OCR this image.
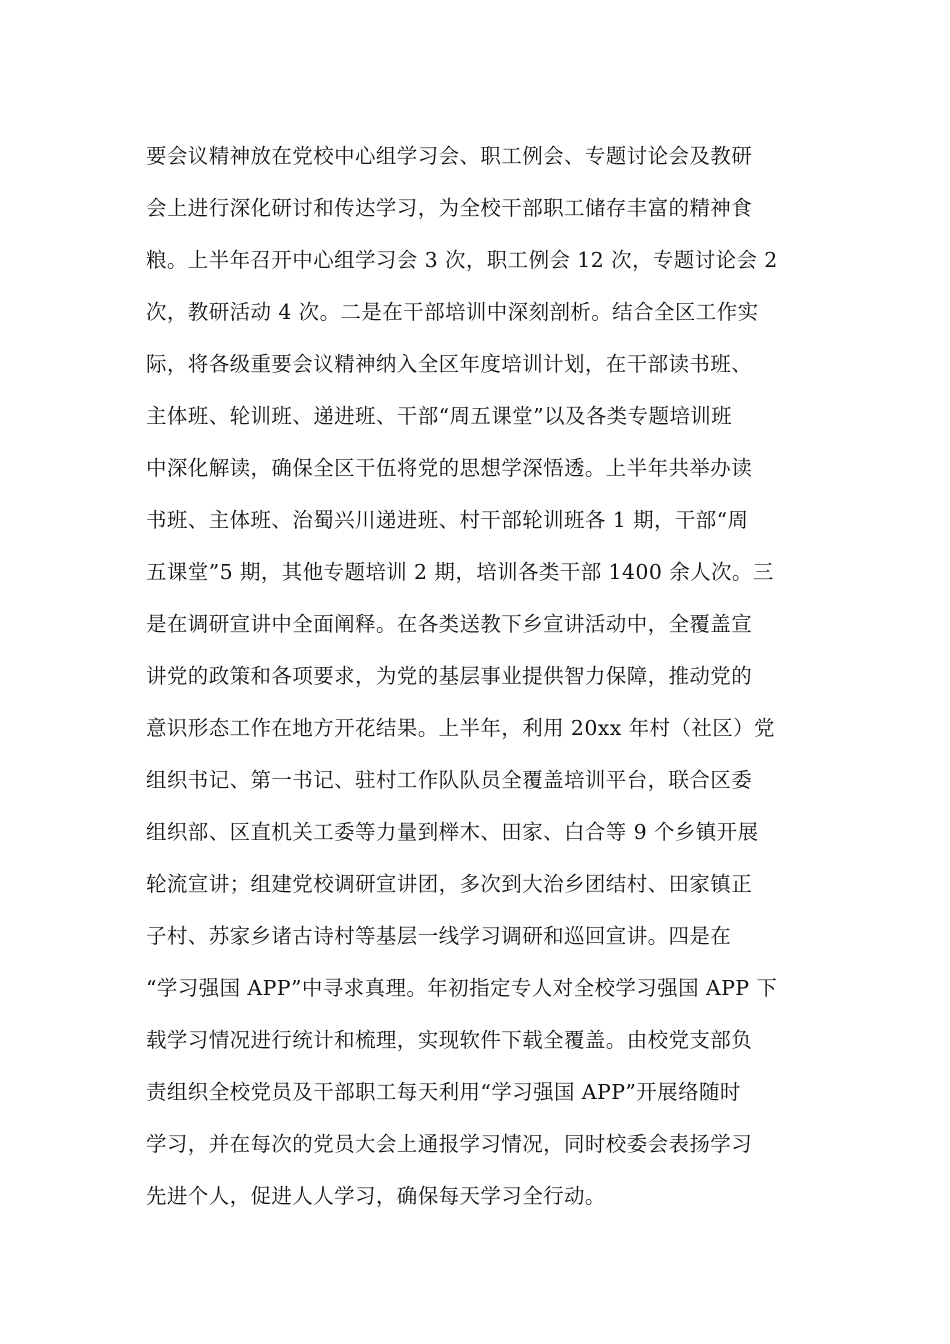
要会议精神放在党校中心组学习会、职工例会、专题讨论会及教研
会上进行深化研讨和传达学习，为全校干部职工储存丰富的精神食
粮。上半年召开中心组学习会 3 次，职工例会 12 次，专题讨论会 2
次，教研活动 4 次。二是在干部培训中深刻剖析。结合全区工作实
际，将各级重要会议精神纳入全区年度培训计划，在干部读书班、
主体班、轮训班、递进班、干部“周五课堂”以及各类专题培训班
中深化解读，确保全区干伍将党的思想学深悟透。上半年共举办读
书班、主体班、治蜀兴川递进班、村干部轮训班各 1 期，干部“周
五课堂”5 期，其他专题培训 2 期，培训各类干部 1400 余人次。三
是在调研宣讲中全面阐释。在各类送教下乡宣讲活动中，全覆盖宣
讲党的政策和各项要求，为党的基层事业提供智力保障，推动党的
意识形态工作在地方开花结果。上半年，利用 20xx 年村（社区）党
组织书记、第一书记、驻村工作队队员全覆盖培训平台，联合区委
组织部、区直机关工委等力量到榉木、田家、白合等 9 个乡镇开展
轮流宣讲；组建党校调研宣讲团，多次到大治乡团结村、田家镇正
子村、苏家乡诸古诗村等基层一线学习调研和巡回宣讲。四是在
“学习强国 APP”中寻求真理。年初指定专人对全校学习强国 APP 下
载学习情况进行统计和梳理，实现软件下载全覆盖。由校党支部负
责组织全校党员及干部职工每天利用“学习强国 APP”开展络随时
学习，并在每次的党员大会上通报学习情况，同时校委会表扬学习
先进个人，促进人人学习，确保每天学习全行动。
